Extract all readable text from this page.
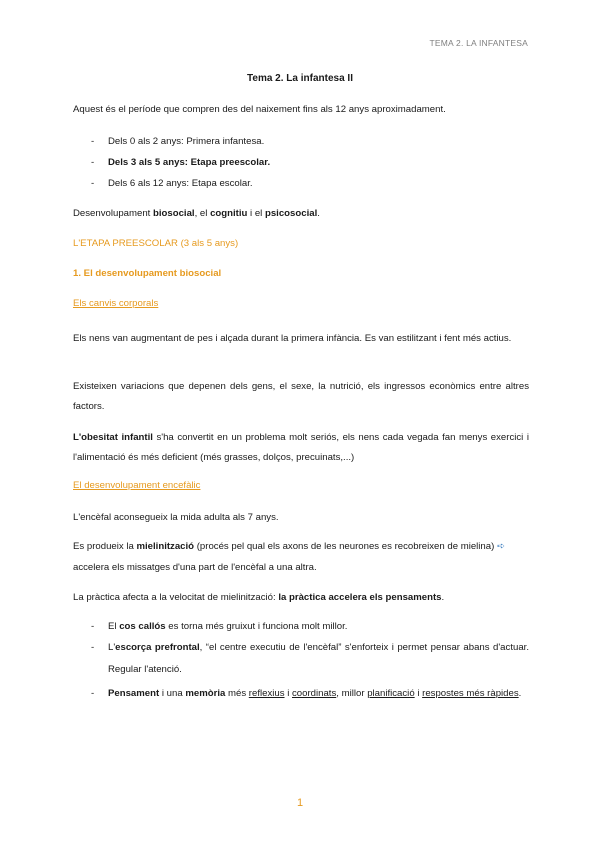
TEMA 2. LA INFANTESA
Tema 2. La infantesa II
Aquest és el període que compren des del naixement fins als 12 anys aproximadament.
- Dels 0 als 2 anys: Primera infantesa.
- Dels 3 als 5 anys: Etapa preescolar.
- Dels 6 als 12 anys: Etapa escolar.
Desenvolupament biosocial, el cognitiu i el psicosocial.
L'ETAPA PREESCOLAR (3 als 5 anys)
1. El desenvolupament biosocial
Els canvis corporals
Els nens van augmentant de pes i alçada durant la primera infància. Es van estilitzant i fent més actius.
Existeixen variacions que depenen dels gens, el sexe, la nutrició, els ingressos econòmics entre altres factors.
L'obesitat infantil s'ha convertit en un problema molt seriós, els nens cada vegada fan menys exercici i l'alimentació és més deficient (més grasses, dolços, precuinats,...)
El desenvolupament encefàlic
L'encèfal aconsegueix la mida adulta als 7 anys.
Es produeix la mielinització (procés pel qual els axons de les neurones es recobreixen de mielina) ➪
accelera els missatges d'una part de l'encèfal a una altra.
La pràctica afecta a la velocitat de mielinització: la pràctica accelera els pensaments.
- El cos callós es torna més gruixut i funciona molt millor.
- L'escorça prefrontal, “el centre executiu de l'encèfal” s'enforteix i permet pensar abans d'actuar. Regular l'atenció.
- Pensament i una memòria més reflexius i coordinats, millor planificació i respostes més ràpides.
1
